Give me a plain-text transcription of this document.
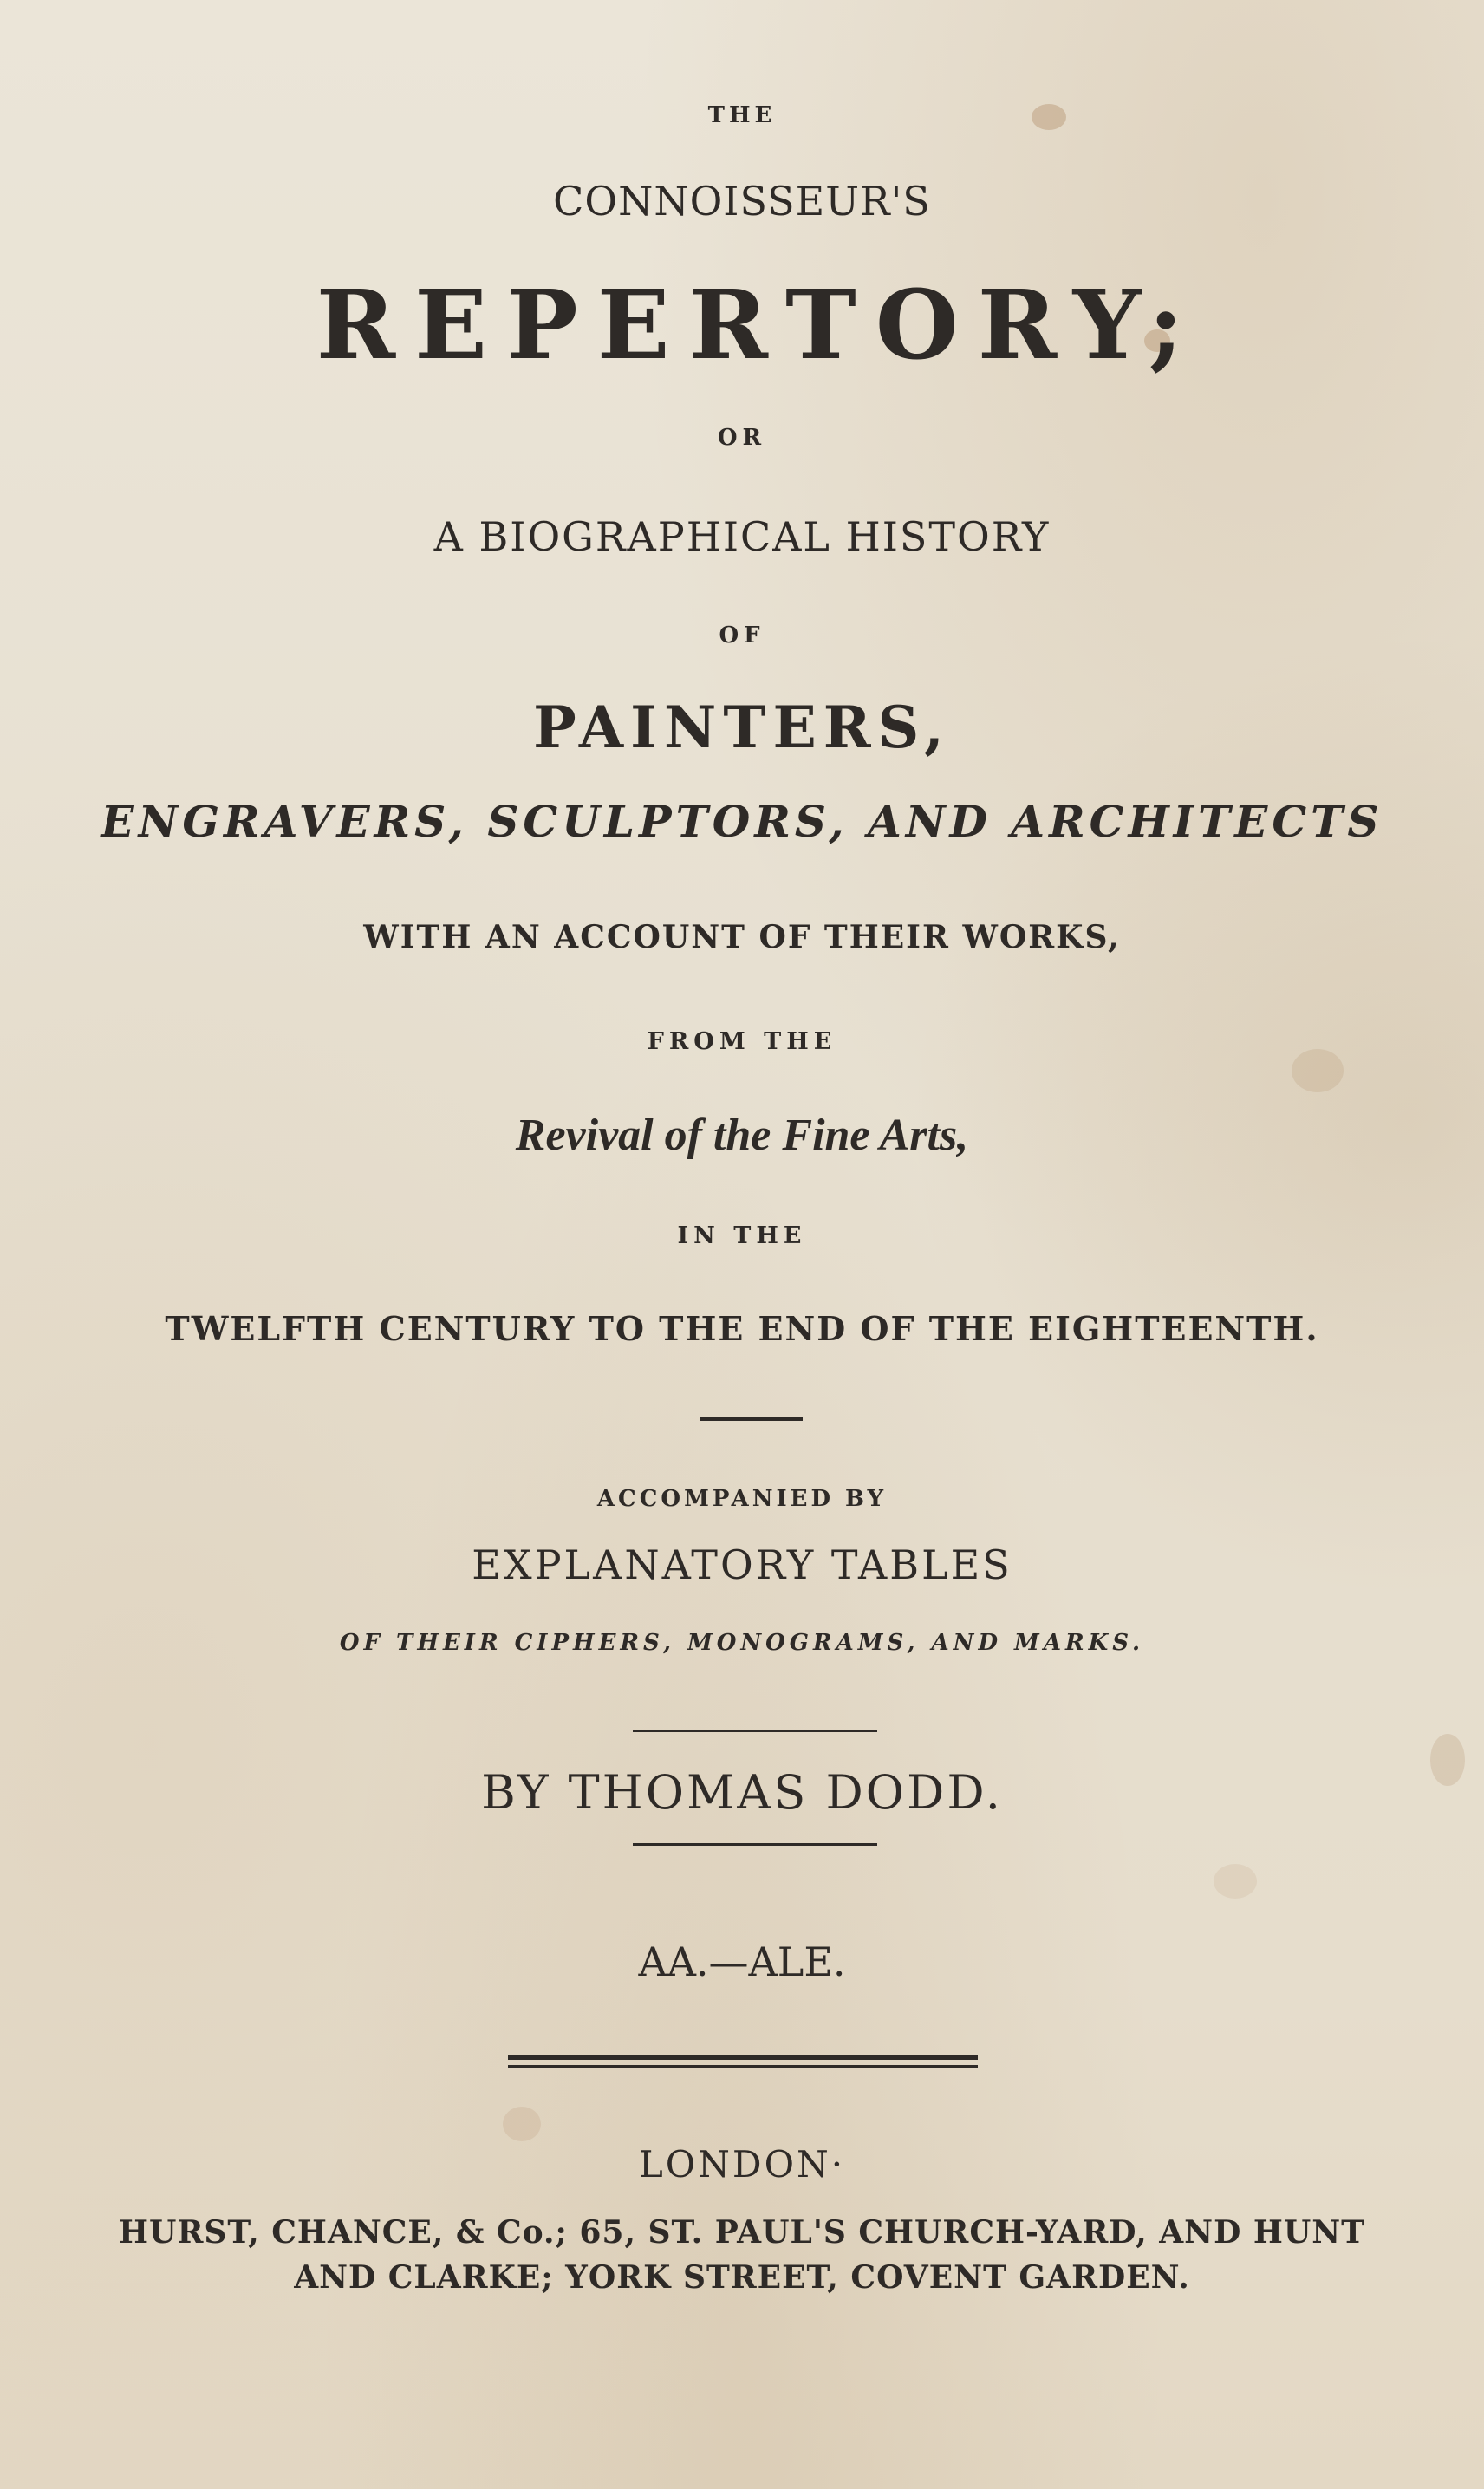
THE
CONNOISSEUR'S
REPERTORY;
OR
A BIOGRAPHICAL HISTORY
OF
PAINTERS,
ENGRAVERS, SCULPTORS, AND ARCHITECTS
WITH AN ACCOUNT OF THEIR WORKS,
FROM THE
Revival of the Fine Arts,
IN THE
TWELFTH CENTURY TO THE END OF THE EIGHTEENTH.
ACCOMPANIED BY
EXPLANATORY TABLES
OF THEIR CIPHERS, MONOGRAMS, AND MARKS.
BY THOMAS DODD.
AA.—ALE.
LONDON·
HURST, CHANCE, & Co.; 65, ST. PAUL'S CHURCH-YARD, AND HUNT
AND CLARKE; YORK STREET, COVENT GARDEN.
